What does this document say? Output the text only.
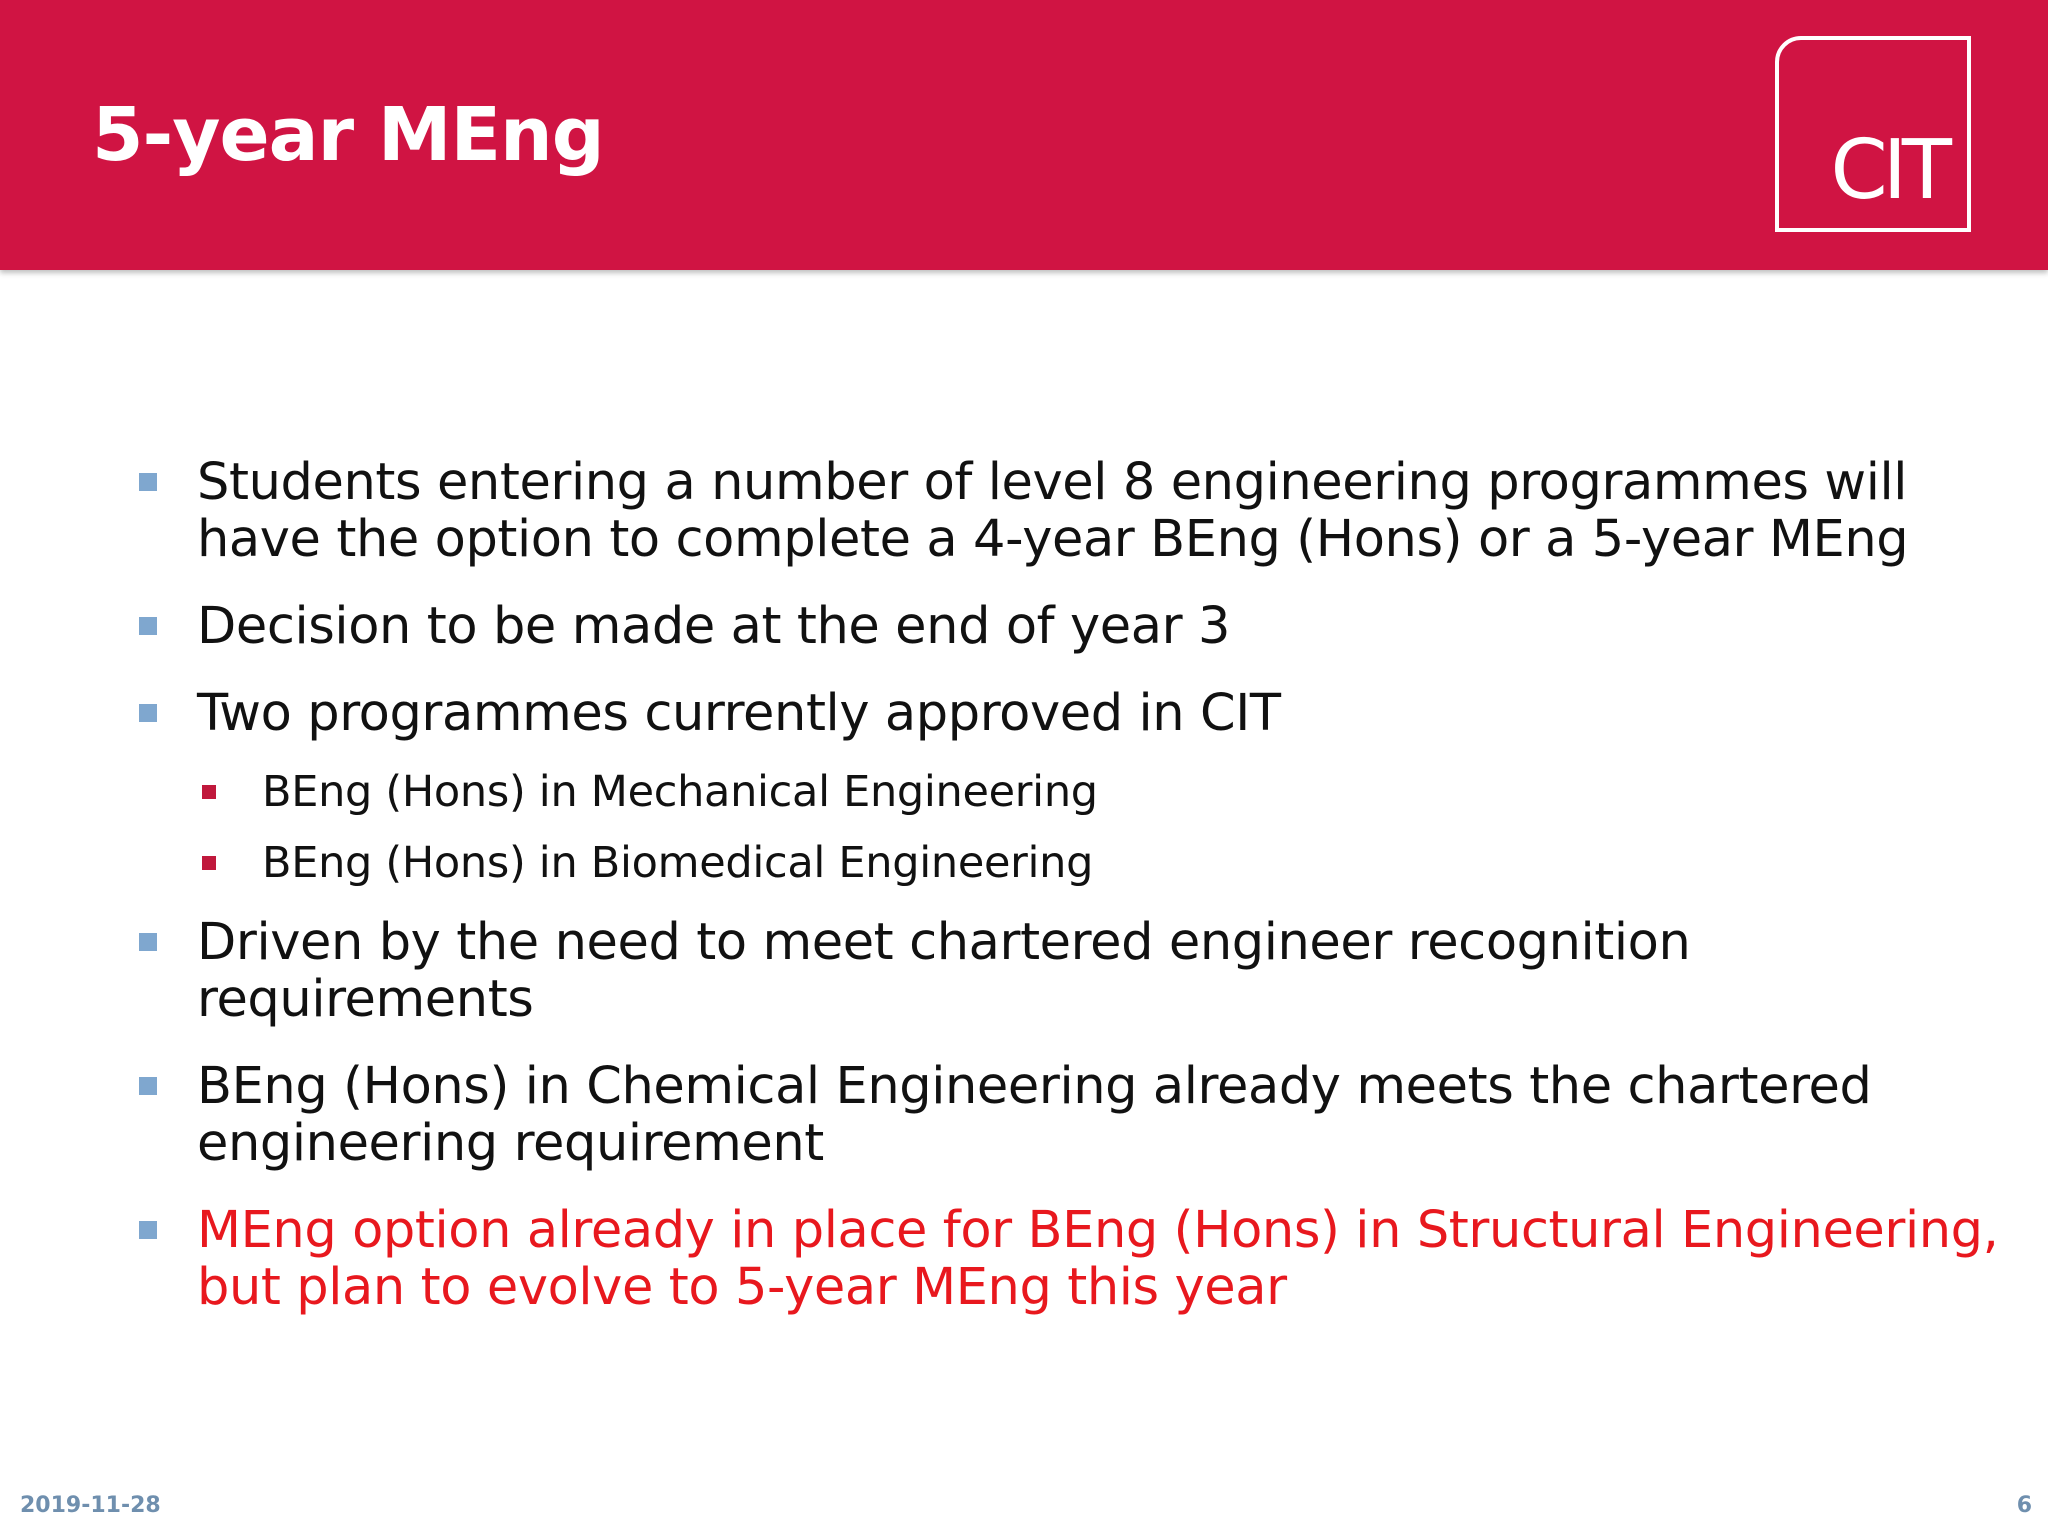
5-year MEng	CIT
Students entering a number of level 8 engineering programmes will have the option to complete a 4-year BEng (Hons) or a 5-year MEng
Decision to be made at the end of year 3
Two programmes currently approved in CIT
BEng (Hons) in Mechanical Engineering
BEng (Hons) in Biomedical Engineering
Driven by the need to meet chartered engineer recognition requirements
BEng (Hons) in Chemical Engineering already meets the chartered engineering requirement
MEng option already in place for BEng (Hons) in Structural Engineering, but plan to evolve to 5-year MEng this year
2019-11-28	6
